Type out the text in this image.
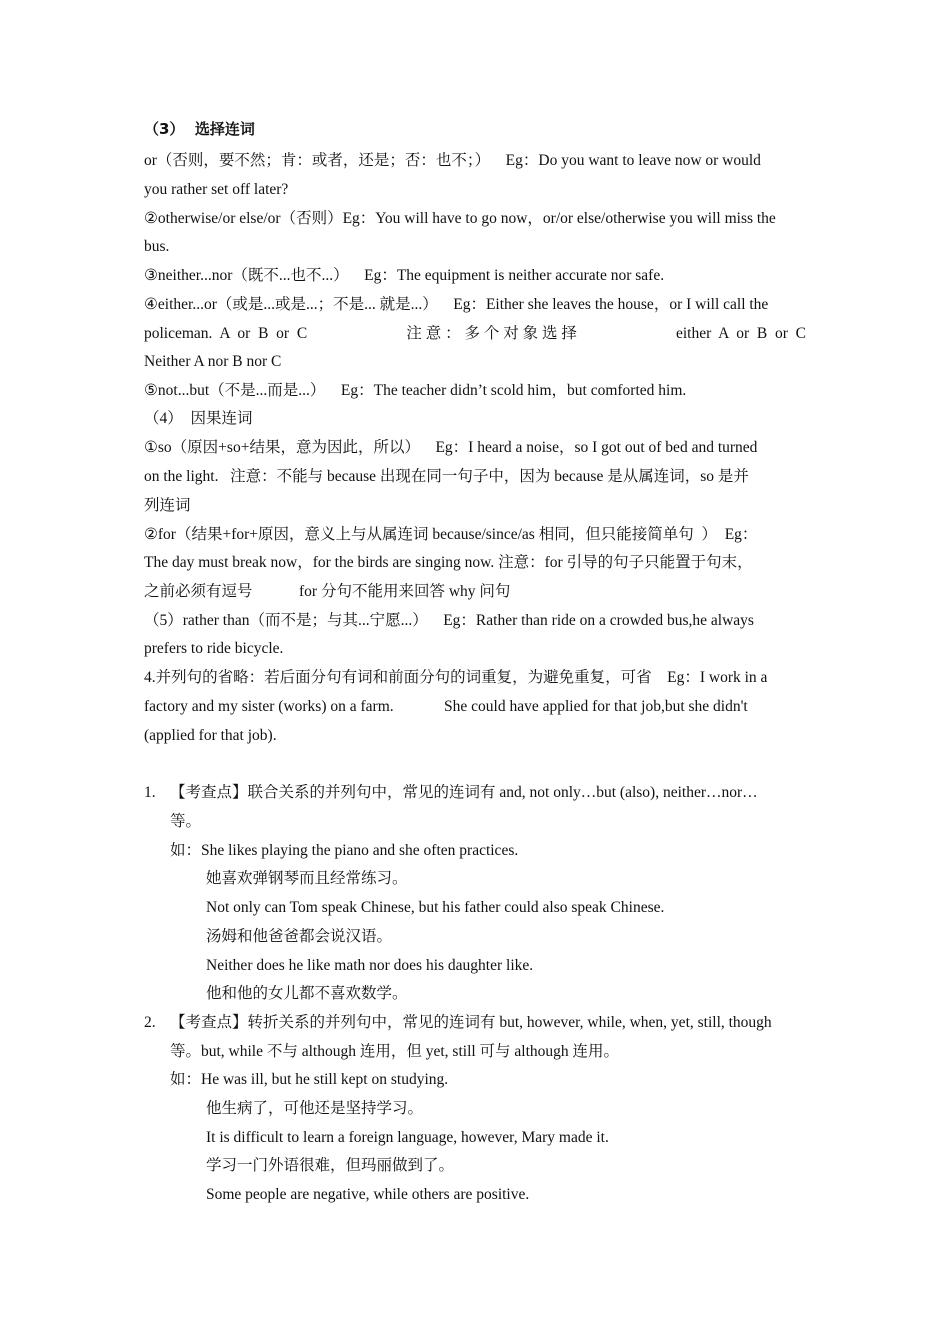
（3）  选择连词
or（否则，要不然；肯：或者，还是；否：也不；）    Eg：Do you want to leave now or would
you rather set off later?
②otherwise/or else/or（否则）Eg：You will have to go now，or/or else/otherwise you will miss the
bus.
③neither...nor（既不...也不...）    Eg：The equipment is neither accurate nor safe.
④either...or（或是...或是...；不是... 就是...）    Eg：Either she leaves the house，or I will call the
policeman.  A  or  B  or  C	注 意 ： 多 个 对 象 选 择	either  A  or  B  or  C
Neither A nor B nor C
⑤not...but（不是...而是...）    Eg：The teacher didn’t scold him，but comforted him.
（4）  因果连词
①so（原因+so+结果，意为因此，所以）    Eg：I heard a noise，so I got out of bed and turned
on the light.   注意：不能与 because 出现在同一句子中，因为 because 是从属连词，so 是并
列连词
②for（结果+for+原因，意义上与从属连词 because/since/as 相同，但只能接简单句  ）  Eg：
The day must break now，for the birds are singing now. 注意：for 引导的句子只能置于句末，
之前必须有逗号            for 分句不能用来回答 why 问句
（5）rather than（而不是；与其...宁愿...）    Eg：Rather than ride on a crowded bus,he always
prefers to ride bicycle.
4.并列句的省略：若后面分句有词和前面分句的词重复，为避免重复，可省    Eg：I work in a
factory and my sister (works) on a farm.             She could have applied for that job,but she didn't
(applied for that job).
1. 【考查点】联合关系的并列句中，常见的连词有 and, not only…but (also), neither…nor…
等。
如：She likes playing the piano and she often practices.
她喜欢弹钢琴而且经常练习。
Not only can Tom speak Chinese, but his father could also speak Chinese.
汤姆和他爸爸都会说汉语。
Neither does he like math nor does his daughter like.
他和他的女儿都不喜欢数学。
2. 【考查点】转折关系的并列句中，常见的连词有 but, however, while, when, yet, still, though
等。but, while 不与 although 连用，但 yet, still 可与 although 连用。
如：He was ill, but he still kept on studying.
他生病了，可他还是坚持学习。
It is difficult to learn a foreign language, however, Mary made it.
学习一门外语很难，但玛丽做到了。
Some people are negative, while others are positive.
